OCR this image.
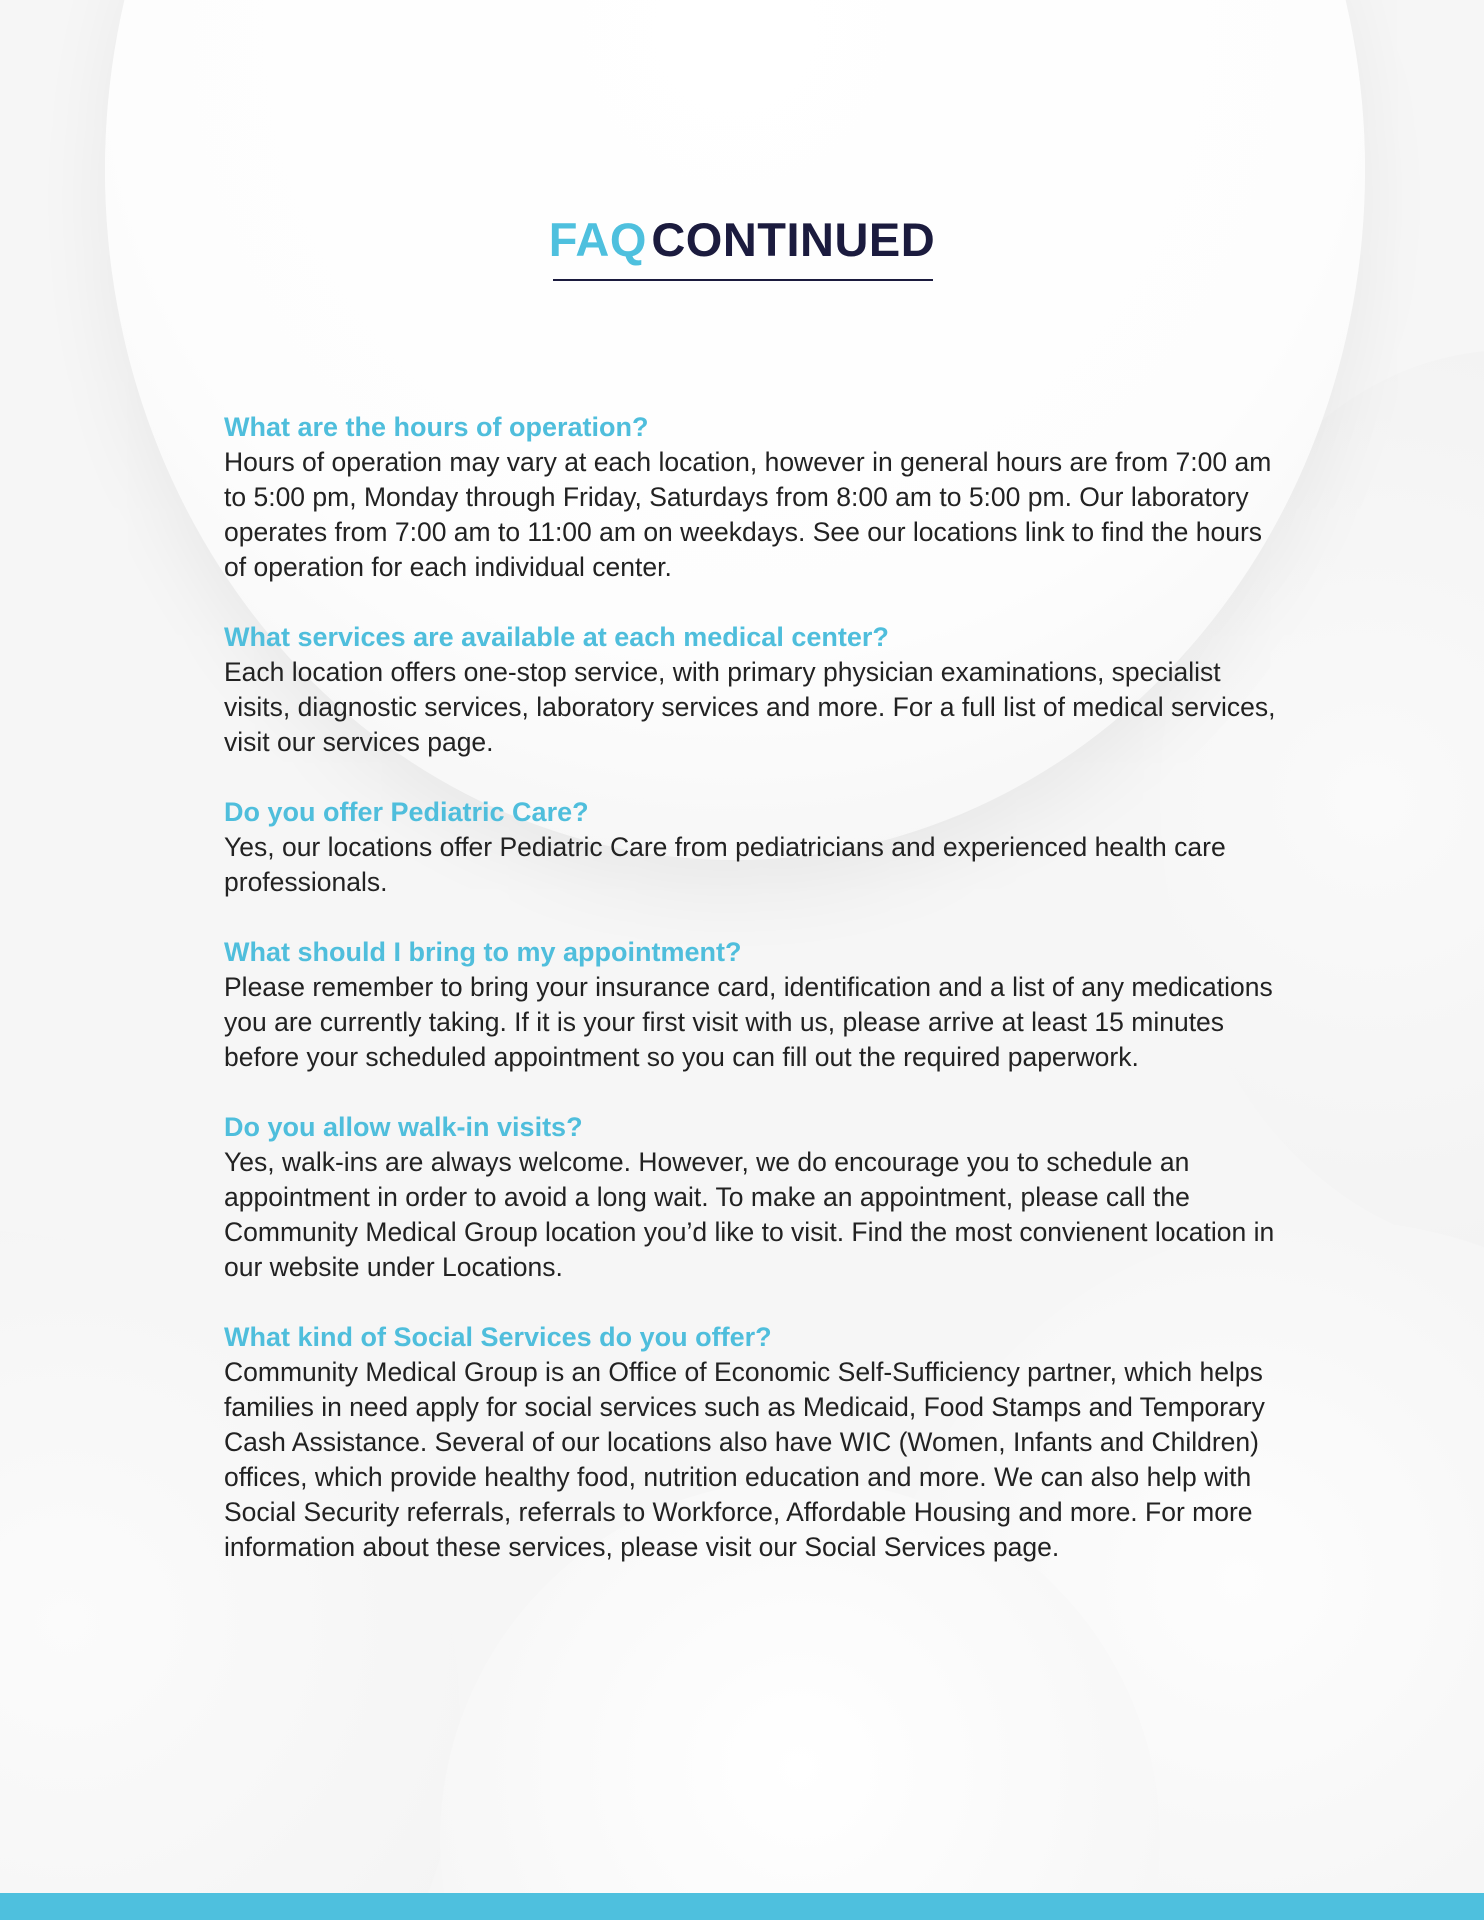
FAQ CONTINUED

What are the hours of operation?

Hours of operation may vary at each location, however in general hours are from 7:00 am to 5:00 pm, Monday through Friday, Saturdays from 8:00 am to 5:00 pm. Our laboratory operates from 7:00 am to 11:00 am on weekdays. See our locations link to find the hours of operation for each individual center.

What services are available at each medical center?

Each location offers one-stop service, with primary physician examinations, specialist visits, diagnostic services, laboratory services and more. For a full list of medical services, visit our services page.

Do you offer Pediatric Care?

Yes, our locations offer Pediatric Care from pediatricians and experienced health care professionals.

What should I bring to my appointment?

Please remember to bring your insurance card, identification and a list of any medications you are currently taking. If it is your first visit with us, please arrive at least 15 minutes before your scheduled appointment so you can fill out the required paperwork.

Do you allow walk-in visits?

Yes, walk-ins are always welcome. However, we do encourage you to schedule an appointment in order to avoid a long wait. To make an appointment, please call the Community Medical Group location you’d like to visit. Find the most convienent location in our website under Locations.

What kind of Social Services do you offer?

Community Medical Group is an Office of Economic Self-Sufficiency partner, which helps families in need apply for social services such as Medicaid, Food Stamps and Temporary Cash Assistance. Several of our locations also have WIC (Women, Infants and Children) offices, which provide healthy food, nutrition education and more. We can also help with Social Security referrals, referrals to Workforce, Affordable Housing and more. For more information about these services, please visit our Social Services page.
